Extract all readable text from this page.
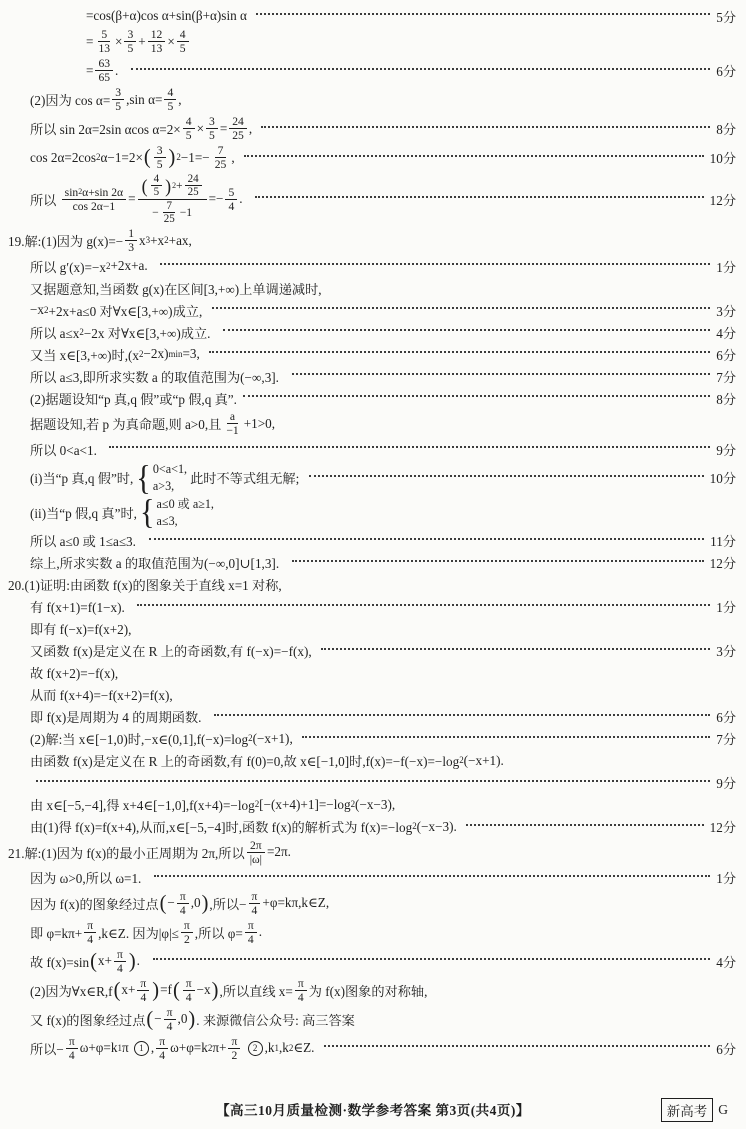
=cos(β+α)cos α+sin(β+α)sin α	5分
= $\frac{5}{13} \times \frac{3}{5} + \frac{12}{13} \times \frac{4}{5}$
= $\frac{63}{65}$ .	6分
(2)因为 $\cos \alpha= \frac{3}{5} ,\sin$ $\alpha= \frac{4}{5}$ ,
所以 sin 2α=2sin αcos $\alpha=2\times \frac{4}{5} \times \frac{3}{5} = \frac{24}{25}$ ,	8分
cos 2α=2cos 2 α−1=2× ( $\frac{3}{5}$ ) $2 -1=- \frac{7}{25}$ ,	10分
所以 $\frac{\sin 2 \alpha+\sin 2\alpha}{\cos 2\alpha-1} = \frac{( \frac{4}{5} ) 2 + \frac{24}{25}}{- \frac{7}{25} -1} =- \frac{5}{4}$ .	12分
19.解:(1)因为 $g(x)=- \frac{1}{3}$ x 3 +x 2 +ax,
所以 g′(x)=−x 2 +2x+a.	1分
又据题意知,当函数 g(x)在区间[3,+∞)上单调递减时,
−x 2 +2x+a≤0 对∀x∈[3,+∞)成立,	3分
所以 a≤x 2 −2x 对∀x∈[3,+∞)成立.	4分
又当 x∈[3,+∞)时,(x 2 −2x) min =3,	6分
所以 a≤3,即所求实数 a 的取值范围为(−∞,3].	7分
(2)据题设知“p 真,q 假”或“p 假,q 真”.	8分
据题设知,若 p 为真命题,则 a>0,且 $\frac{a}{-1} +1>0$,
所以 0<a<1.	9分
(i)当“p 真,q 假”时, { 0<a<1,
a>3, 此时不等式组无解;	10分
(ii)当“p 假,q 真”时, { a≤0 或 a≥1,
a≤3,
所以 a≤0 或 1≤a≤3.	11分
综上,所求实数 a 的取值范围为(−∞,0]∪[1,3].	12分
20.(1)证明:由函数 f(x)的图象关于直线 x=1 对称,
有 f(x+1)=f(1−x).	1分
即有 f(−x)=f(x+2),
又函数 f(x)是定义在 R 上的奇函数,有 f(−x)=−f(x),	3分
故 f(x+2)=−f(x),
从而 f(x+4)=−f(x+2)=f(x),
即 f(x)是周期为 4 的周期函数.	6分
(2)解:当 x∈[−1,0)时,−x∈(0,1],f(−x)=log 2 (−x+1),	7分
由函数 f(x)是定义在 R 上的奇函数,有 f(0)=0,故 x∈[−1,0]时,f(x)=−f(−x)=−log 2 (−x+1).
9分
由 x∈[−5,−4],得 x+4∈[−1,0],f(x+4)=−log 2 [−(x+4)+1]=−log 2 (−x−3),
由(1)得 f(x)=f(x+4),从而,x∈[−5,−4]时,函数 f(x)的解析式为 f(x)=−log 2 (−x−3).	12分
21.解:(1)因为 f(x)的最小正周期为 2π,所以 $\frac{2\pi}{|\omega|} =2\pi$.
因为 ω>0,所以 ω=1.	1分
因为 f(x)的图象经过点 ( − $\frac{\pi}{4} ,0$ ) ,所以− $\frac{\pi}{4}$ +φ=kπ,k∈Z,
即 $\varphi=k\pi+ \frac{\pi}{4}$ ,k∈Z. 因为$|\varphi|\le \frac{\pi}{2}$ ,所以 $\varphi= \frac{\pi}{4}$ .
故 f(x)=sin ( $x+ \frac{\pi}{4}$ ) .	4分
(2)因为∀x∈R,f ( $x+ \frac{\pi}{4}$ ) =f ( $\frac{\pi}{4} -x$ ) ,所以直线 $x= \frac{\pi}{4}$ 为 f(x)图象的对称轴,
又 f(x)的图象经过点 ( − $\frac{\pi}{4} ,0$ ) . 来源微信公众号: 高三答案
所以− $\frac{\pi}{4} \omega+\varphi=k$ 1 π 1 , $\frac{\pi}{4} \omega+\varphi=k$ 2 $\pi+ \frac{\pi}{2}$
	2 ,k 1 ,k 2 ∈Z.	6分
【高三10月质量检测·数学参考答案 第3页(共4页)】	新高考 G
